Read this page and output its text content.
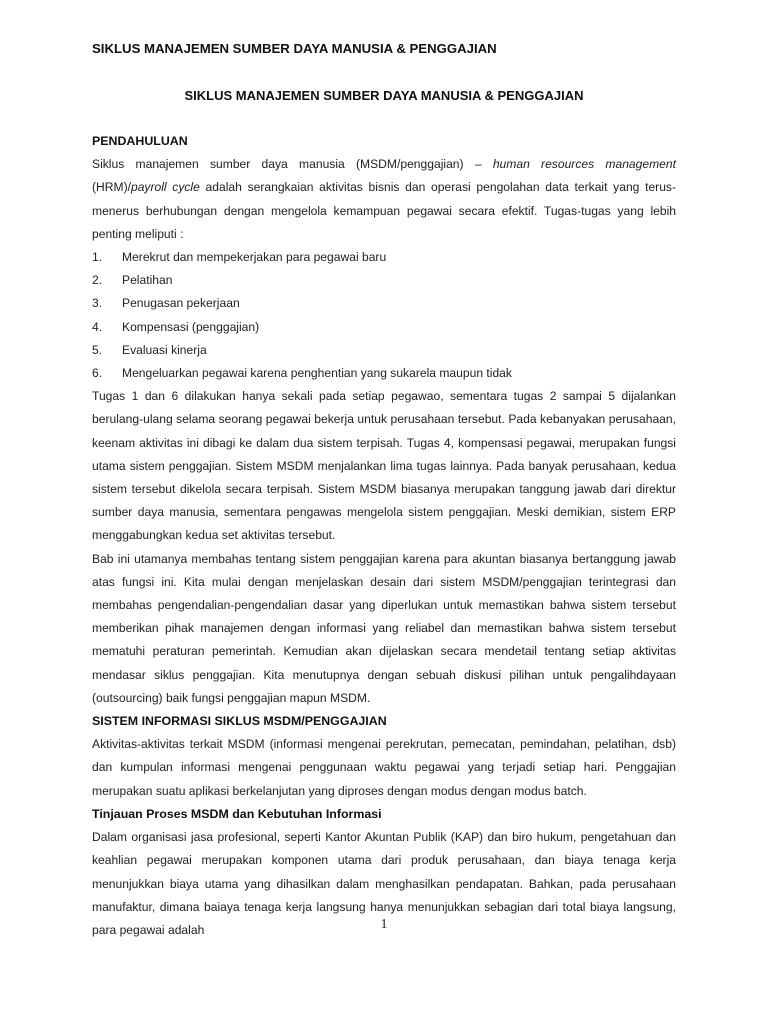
SIKLUS MANAJEMEN SUMBER DAYA MANUSIA & PENGGAJIAN
SIKLUS MANAJEMEN SUMBER DAYA MANUSIA & PENGGAJIAN

PENDAHULUAN

Siklus manajemen sumber daya manusia (MSDM/penggajian) – human resources management (HRM)/payroll cycle adalah serangkaian aktivitas bisnis dan operasi pengolahan data terkait yang terus-menerus berhubungan dengan mengelola kemampuan pegawai secara efektif. Tugas-tugas yang lebih penting meliputi :

1.	Merekrut dan mempekerjakan para pegawai baru
2.	Pelatihan
3.	Penugasan pekerjaan
4.	Kompensasi (penggajian)
5.	Evaluasi kinerja
6.	Mengeluarkan pegawai karena penghentian yang sukarela maupun tidak

Tugas 1 dan 6 dilakukan hanya sekali pada setiap pegawao, sementara tugas 2 sampai 5 dijalankan berulang-ulang selama seorang pegawai bekerja untuk perusahaan tersebut. Pada kebanyakan perusahaan, keenam aktivitas ini dibagi ke dalam dua sistem terpisah. Tugas 4, kompensasi pegawai, merupakan fungsi utama sistem penggajian. Sistem MSDM menjalankan lima tugas lainnya. Pada banyak perusahaan, kedua sistem tersebut dikelola secara terpisah. Sistem MSDM biasanya merupakan tanggung jawab dari direktur sumber daya manusia, sementara pengawas mengelola sistem penggajian. Meski demikian, sistem ERP menggabungkan kedua set aktivitas tersebut.

Bab ini utamanya membahas tentang sistem penggajian karena para akuntan biasanya bertanggung jawab atas fungsi ini. Kita mulai dengan menjelaskan desain dari sistem MSDM/penggajian terintegrasi dan membahas pengendalian-pengendalian dasar yang diperlukan untuk memastikan bahwa sistem tersebut memberikan pihak manajemen dengan informasi yang reliabel dan memastikan bahwa sistem tersebut mematuhi peraturan pemerintah. Kemudian akan dijelaskan secara mendetail tentang setiap aktivitas mendasar siklus penggajian. Kita menutupnya dengan sebuah diskusi pilihan untuk pengalihdayaan (outsourcing) baik fungsi penggajian mapun MSDM.

SISTEM INFORMASI SIKLUS MSDM/PENGGAJIAN

Aktivitas-aktivitas terkait MSDM (informasi mengenai perekrutan, pemecatan, pemindahan, pelatihan, dsb) dan kumpulan informasi mengenai penggunaan waktu pegawai yang terjadi setiap hari. Penggajian merupakan suatu aplikasi berkelanjutan yang diproses dengan modus dengan modus batch.

Tinjauan Proses MSDM dan Kebutuhan Informasi

Dalam organisasi jasa profesional, seperti Kantor Akuntan Publik (KAP) dan biro hukum, pengetahuan dan keahlian pegawai merupakan komponen utama dari produk perusahaan, dan biaya tenaga kerja menunjukkan biaya utama yang dihasilkan dalam menghasilkan pendapatan. Bahkan, pada perusahaan manufaktur, dimana baiaya tenaga kerja langsung hanya menunjukkan sebagian dari total biaya langsung, para pegawai adalah	1
